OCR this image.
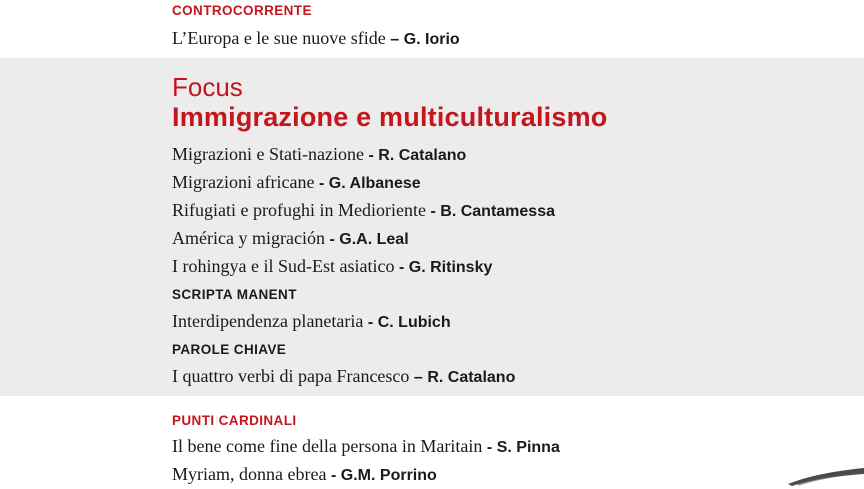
CONTROCORRENTE
L’Europa e le sue nuove sfide – G. Iorio
Focus
Immigrazione e multiculturalismo
Migrazioni e Stati-nazione - R. Catalano
Migrazioni africane - G. Albanese
Rifugiati e profughi in Medioriente - B. Cantamessa
América y migración - G.A. Leal
I rohingya e il Sud-Est asiatico - G. Ritinsky
SCRIPTA MANENT
Interdipendenza planetaria - C. Lubich
PAROLE CHIAVE
I quattro verbi di papa Francesco – R. Catalano
PUNTI CARDINALI
Il bene come fine della persona in Maritain - S. Pinna
Myriam, donna ebrea - G.M. Porrino
